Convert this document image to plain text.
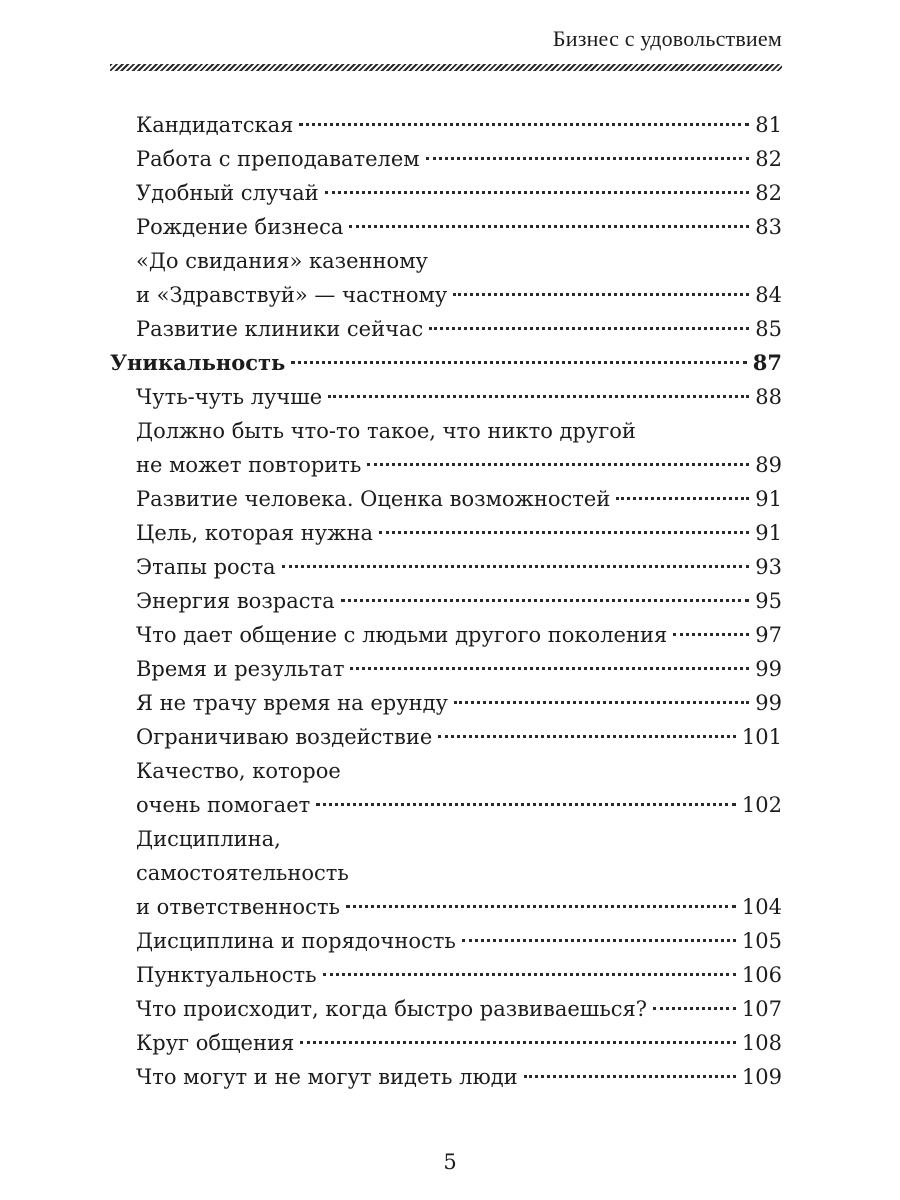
Бизнес с удовольствием
Кандидатская	81
Работа с преподавателем	82
Удобный случай	82
Рождение бизнеса	83
«До свидания» казенному
и «Здравствуй» — частному	84
Развитие клиники сейчас	85
Уникальность	87
Чуть-чуть лучше	88
Должно быть что-то такое, что никто другой
не может повторить	89
Развитие человека. Оценка возможностей	91
Цель, которая нужна	91
Этапы роста	93
Энергия возраста	95
Что дает общение с людьми другого поколения	97
Время и результат	99
Я не трачу время на ерунду	99
Ограничиваю воздействие	101
Качество, которое
очень помогает	102
Дисциплина,
самостоятельность
и ответственность	104
Дисциплина и порядочность	105
Пунктуальность	106
Что происходит, когда быстро развиваешься?	107
Круг общения	108
Что могут и не могут видеть люди	109
5
